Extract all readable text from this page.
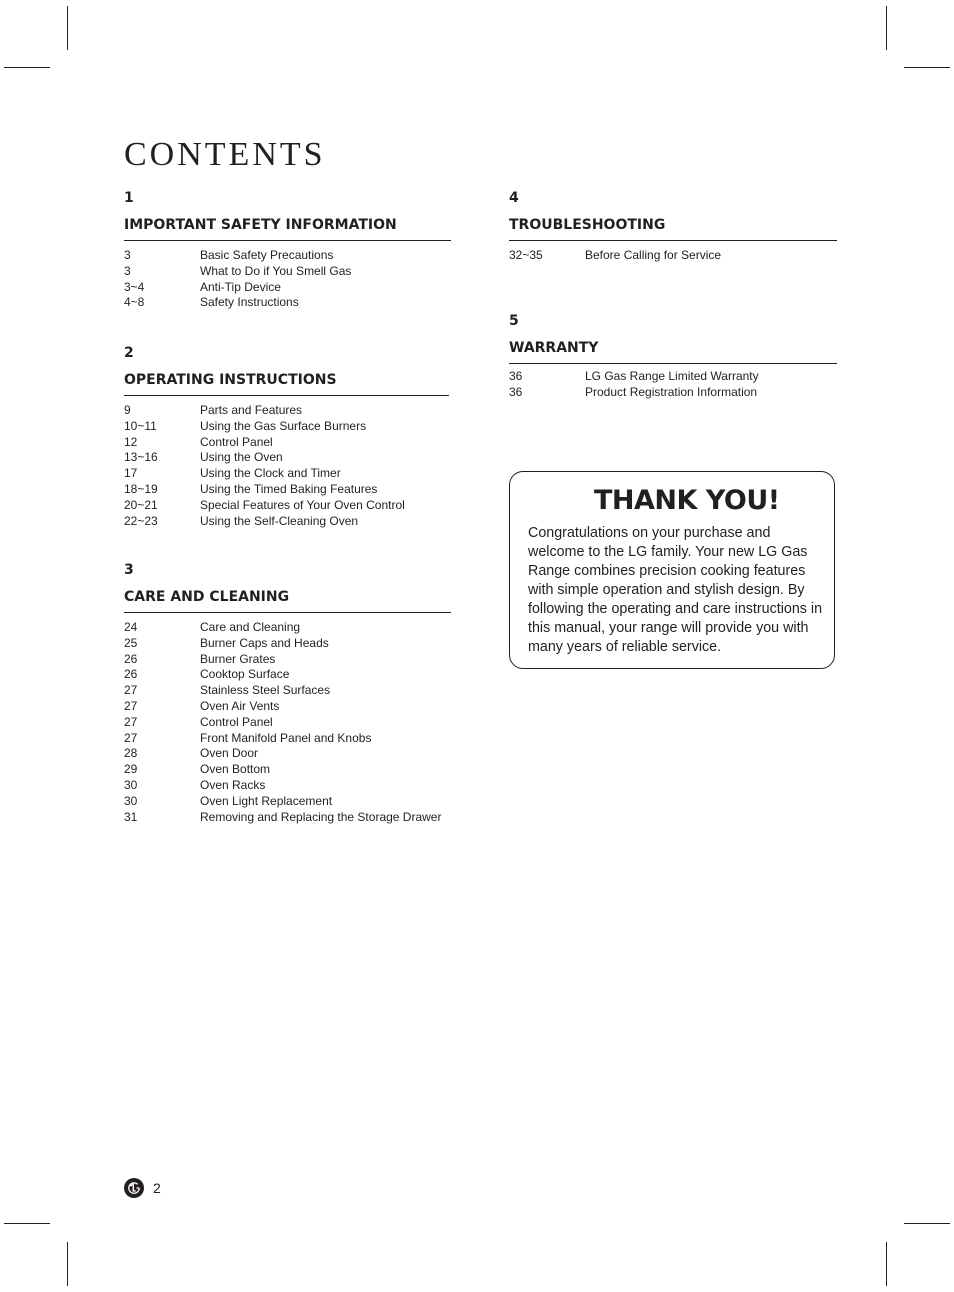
CONTENTS
1
IMPORTANT SAFETY INFORMATION
3	Basic Safety Precautions
3	What to Do if You Smell Gas
3~4	Anti-Tip Device
4~8	Safety Instructions
2
OPERATING INSTRUCTIONS
9	Parts and Features
10~11	Using the Gas Surface Burners
12	Control Panel
13~16	Using the Oven
17	Using the Clock and Timer
18~19	Using the Timed Baking Features
20~21	Special Features of Your Oven Control
22~23	Using the Self-Cleaning Oven
3
CARE AND CLEANING
24	Care and Cleaning
25	Burner Caps and Heads
26	Burner Grates
26	Cooktop Surface
27	Stainless Steel Surfaces
27	Oven Air Vents
27	Control Panel
27	Front Manifold Panel and Knobs
28	Oven Door
29	Oven Bottom
30	Oven Racks
30	Oven Light Replacement
31	Removing and Replacing the Storage Drawer
4
TROUBLESHOOTING
32~35	Before Calling for Service
5
WARRANTY
36	LG Gas Range Limited Warranty
36	Product Registration Information
THANK YOU!
Congratulations on your purchase and welcome to the LG family. Your new LG Gas Range combines precision cooking features with simple operation and stylish design. By following the operating and care instructions in this manual, your range will provide you with many years of reliable service.
2
